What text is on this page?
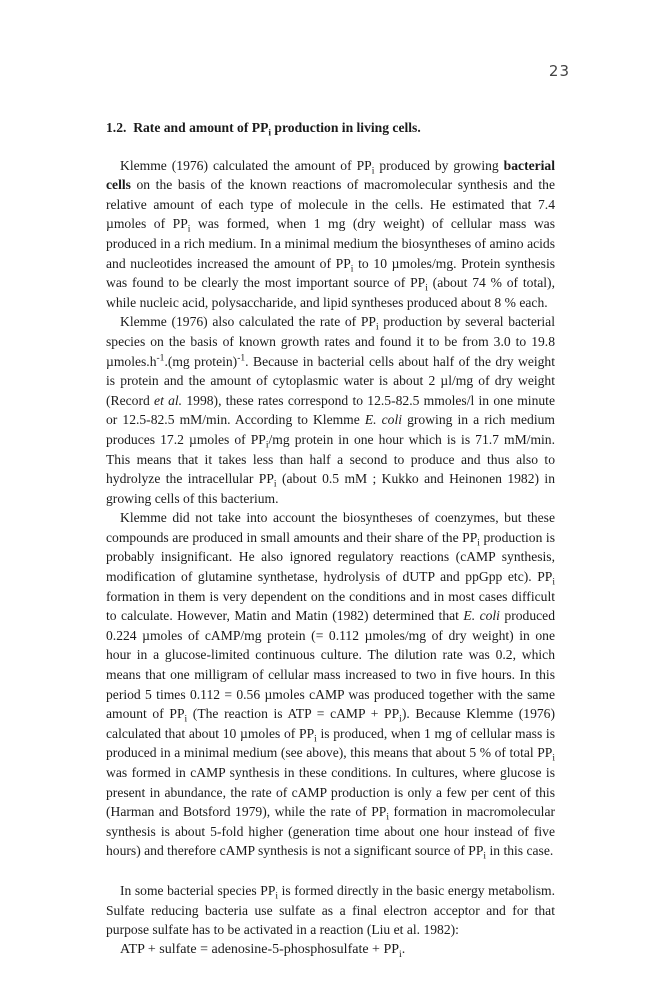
23

1.2. Rate and amount of $PP_i$ production in living cells.

Klemme (1976) calculated the amount of $PP_i$ produced by growing bacterial cells on the basis of the known reactions of macromolecular synthesis and the relative amount of each type of molecule in the cells. He estimated that 7.4 µmoles of $PP_i$ was formed, when 1 mg (dry weight) of cellular mass was produced in a rich medium. In a minimal medium the biosyntheses of amino acids and nucleotides increased the amount of $PP_i$ to 10 µmoles/mg. Protein synthesis was found to be clearly the most important source of $PP_i$ (about 74 % of total), while nucleic acid, polysaccharide, and lipid syntheses produced about 8 % each.

Klemme (1976) also calculated the rate of $PP_i$ production by several bacterial species on the basis of known growth rates and found it to be from 3.0 to 19.8 $\mu moles.h^{-1}.(mg$ protein)$^{-1}$. Because in bacterial cells about half of the dry weight is protein and the amount of cytoplasmic water is about 2 µl/mg of dry weight (Record et al. 1998), these rates correspond to 12.5-82.5 mmoles/l in one minute or 12.5-82.5 mM/min. According to Klemme E. coli growing in a rich medium produces 17.2 µmoles of $PP_i/mg$ protein in one hour which is is 71.7 mM/min. This means that it takes less than half a second to produce and thus also to hydrolyze the intracellular $PP_i$ (about 0.5 mM ; Kukko and Heinonen 1982) in growing cells of this bacterium.

Klemme did not take into account the biosyntheses of coenzymes, but these compounds are produced in small amounts and their share of the $PP_i$ production is probably insignificant. He also ignored regulatory reactions (cAMP synthesis, modification of glutamine synthetase, hydrolysis of dUTP and ppGpp etc). $PP_i$ formation in them is very dependent on the conditions and in most cases difficult to calculate. However, Matin and Matin (1982) determined that E. coli produced 0.224 µmoles of cAMP/mg protein (= 0.112 µmoles/mg of dry weight) in one hour in a glucose-limited continuous culture. The dilution rate was 0.2, which means that one milligram of cellular mass increased to two in five hours. In this period 5 times 0.112 = 0.56 µmoles cAMP was produced together with the same amount of $PP_i$ (The reaction is ATP = cAMP + $PP_i$). Because Klemme (1976) calculated that about 10 µmoles of $PP_i$ is produced, when 1 mg of cellular mass is produced in a minimal medium (see above), this means that about 5 % of total $PP_i$ was formed in cAMP synthesis in these conditions. In cultures, where glucose is present in abundance, the rate of cAMP production is only a few per cent of this (Harman and Botsford 1979), while the rate of $PP_i$ formation in macromolecular synthesis is about 5-fold higher (generation time about one hour instead of five hours) and therefore cAMP synthesis is not a significant source of $PP_i$ in this case.

In some bacterial species $PP_i$ is formed directly in the basic energy metabolism. Sulfate reducing bacteria use sulfate as a final electron acceptor and for that purpose sulfate has to be activated in a reaction (Liu et al. 1982):

ATP + sulfate = adenosine-5-phosphosulfate + $PP_i$.
